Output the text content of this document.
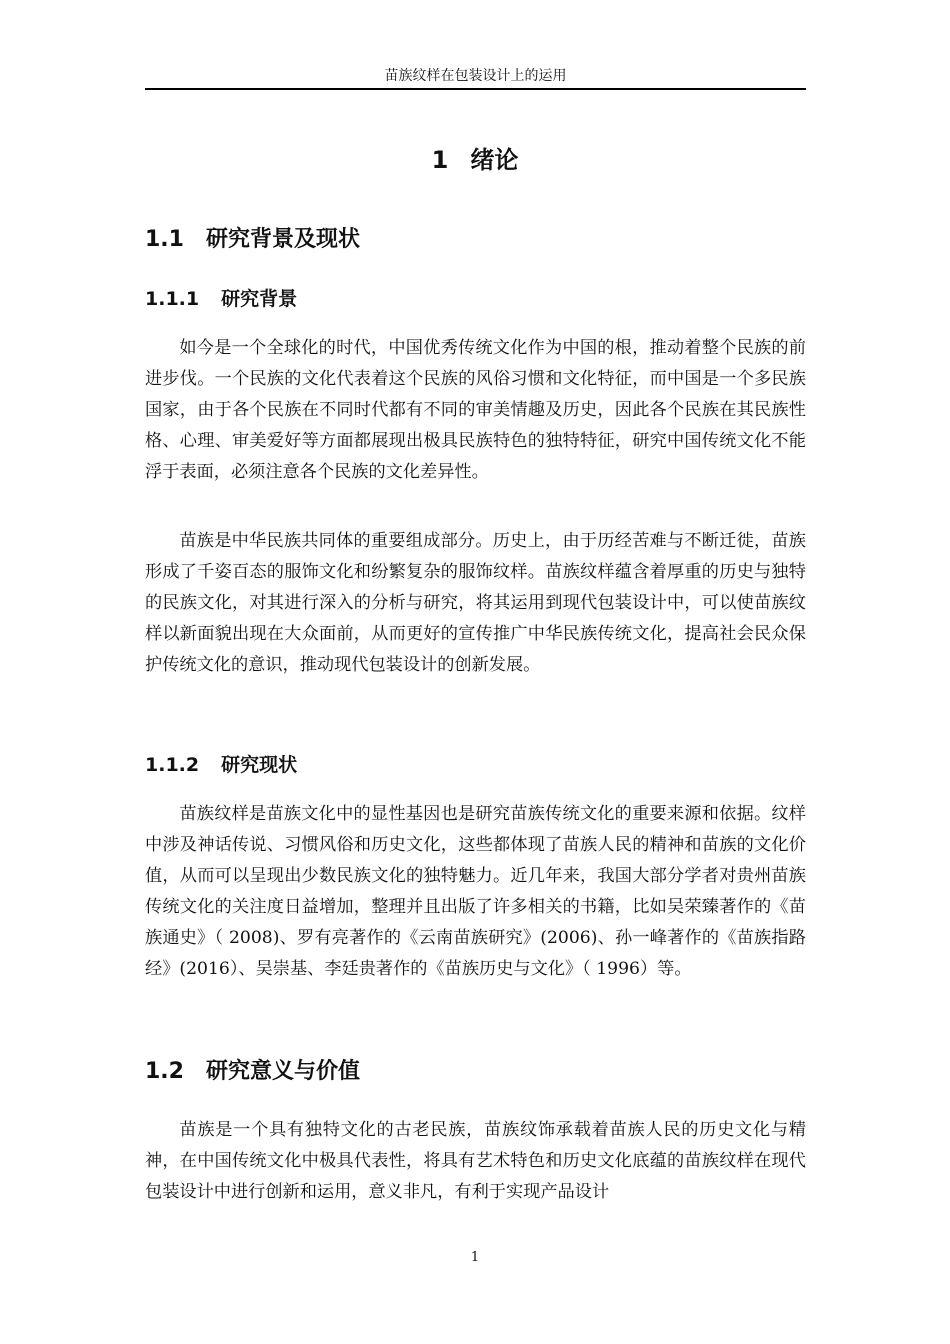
苗族纹样在包装设计上的运用
1 绪论
1.1 研究背景及现状
1.1.1 研究背景

如今是一个全球化的时代，中国优秀传统文化作为中国的根，推动着整个民族的前进步伐。一个民族的文化代表着这个民族的风俗习惯和文化特征，而中国是一个多民族国家，由于各个民族在不同时代都有不同的审美情趣及历史，因此各个民族在其民族性格、心理、审美爱好等方面都展现出极具民族特色的独特特征，研究中国传统文化不能浮于表面，必须注意各个民族的文化差异性。

苗族是中华民族共同体的重要组成部分。历史上，由于历经苦难与不断迁徙，苗族形成了千姿百态的服饰文化和纷繁复杂的服饰纹样。苗族纹样蕴含着厚重的历史与独特的民族文化，对其进行深入的分析与研究，将其运用到现代包装设计中，可以使苗族纹样以新面貌出现在大众面前，从而更好的宣传推广中华民族传统文化，提高社会民众保护传统文化的意识，推动现代包装设计的创新发展。

1.1.2 研究现状

苗族纹样是苗族文化中的显性基因也是研究苗族传统文化的重要来源和依据。纹样中涉及神话传说、习惯风俗和历史文化，这些都体现了苗族人民的精神和苗族的文化价值，从而可以呈现出少数民族文化的独特魅力。近几年来，我国大部分学者对贵州苗族传统文化的关注度日益增加，整理并且出版了许多相关的书籍，比如吴荣臻著作的《苗族通史》（ 2008)、罗有亮著作的《云南苗族研究》(2006)、孙一峰著作的《苗族指路经》(2016）、吴崇基、李廷贵著作的《苗族历史与文化》（ 1996）等。

1.2 研究意义与价值

苗族是一个具有独特文化的古老民族，苗族纹饰承载着苗族人民的历史文化与精神，在中国传统文化中极具代表性，将具有艺术特色和历史文化底蕴的苗族纹样在现代包装设计中进行创新和运用，意义非凡，有利于实现产品设计

1
